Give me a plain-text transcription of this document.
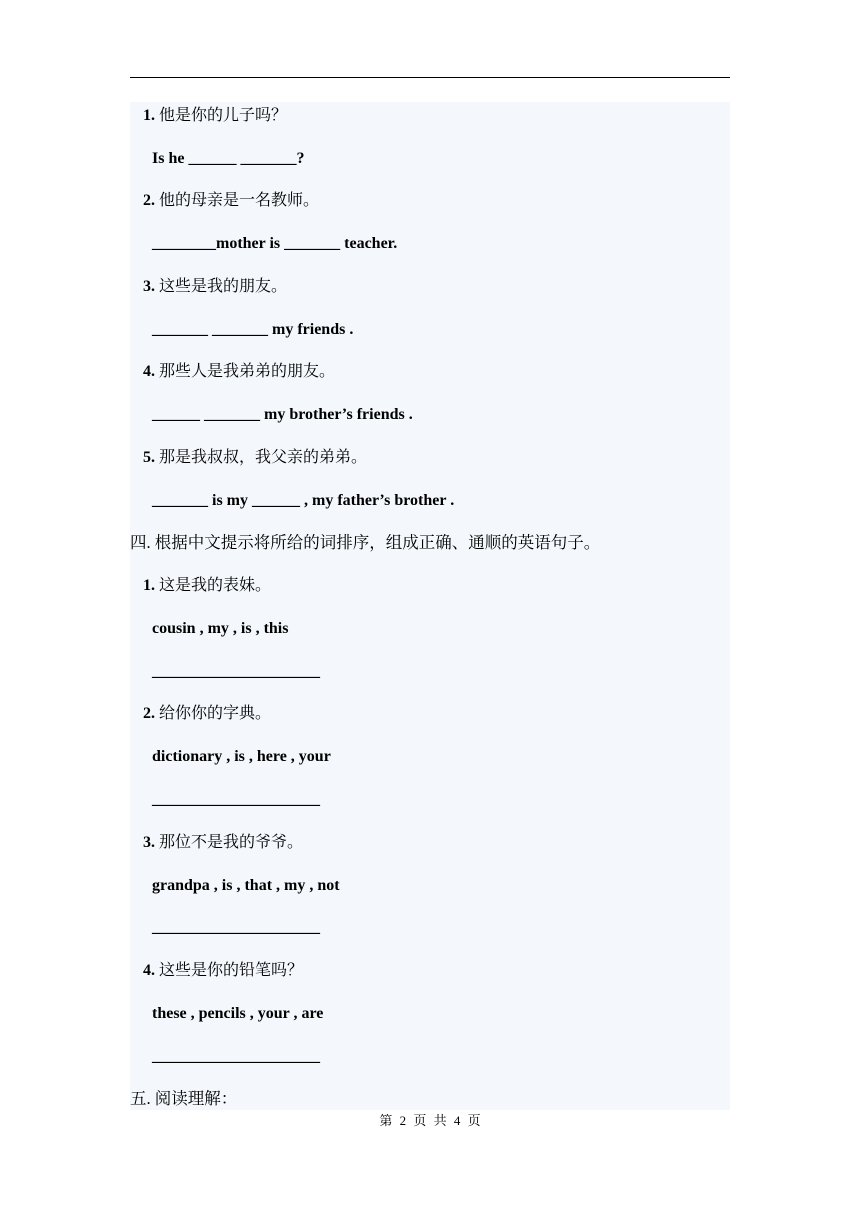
1. 他是你的儿子吗？
Is he ______ _______?
2. 他的母亲是一名教师。
________mother is _______ teacher.
3. 这些是我的朋友。
_______ _______ my friends .
4. 那些人是我弟弟的朋友。
______ _______ my brother’s friends .
5. 那是我叔叔，我父亲的弟弟。
_______ is my ______ , my father’s brother .
四. 根据中文提示将所给的词排序，组成正确、通顺的英语句子。
1. 这是我的表妹。
cousin , my , is , this
_____________________
2. 给你你的字典。
dictionary , is , here , your
_____________________
3. 那位不是我的爷爷。
grandpa , is , that , my , not
_____________________
4. 这些是你的铅笔吗？
these , pencils , your , are
_____________________
五. 阅读理解：
第 2 页 共 4 页
